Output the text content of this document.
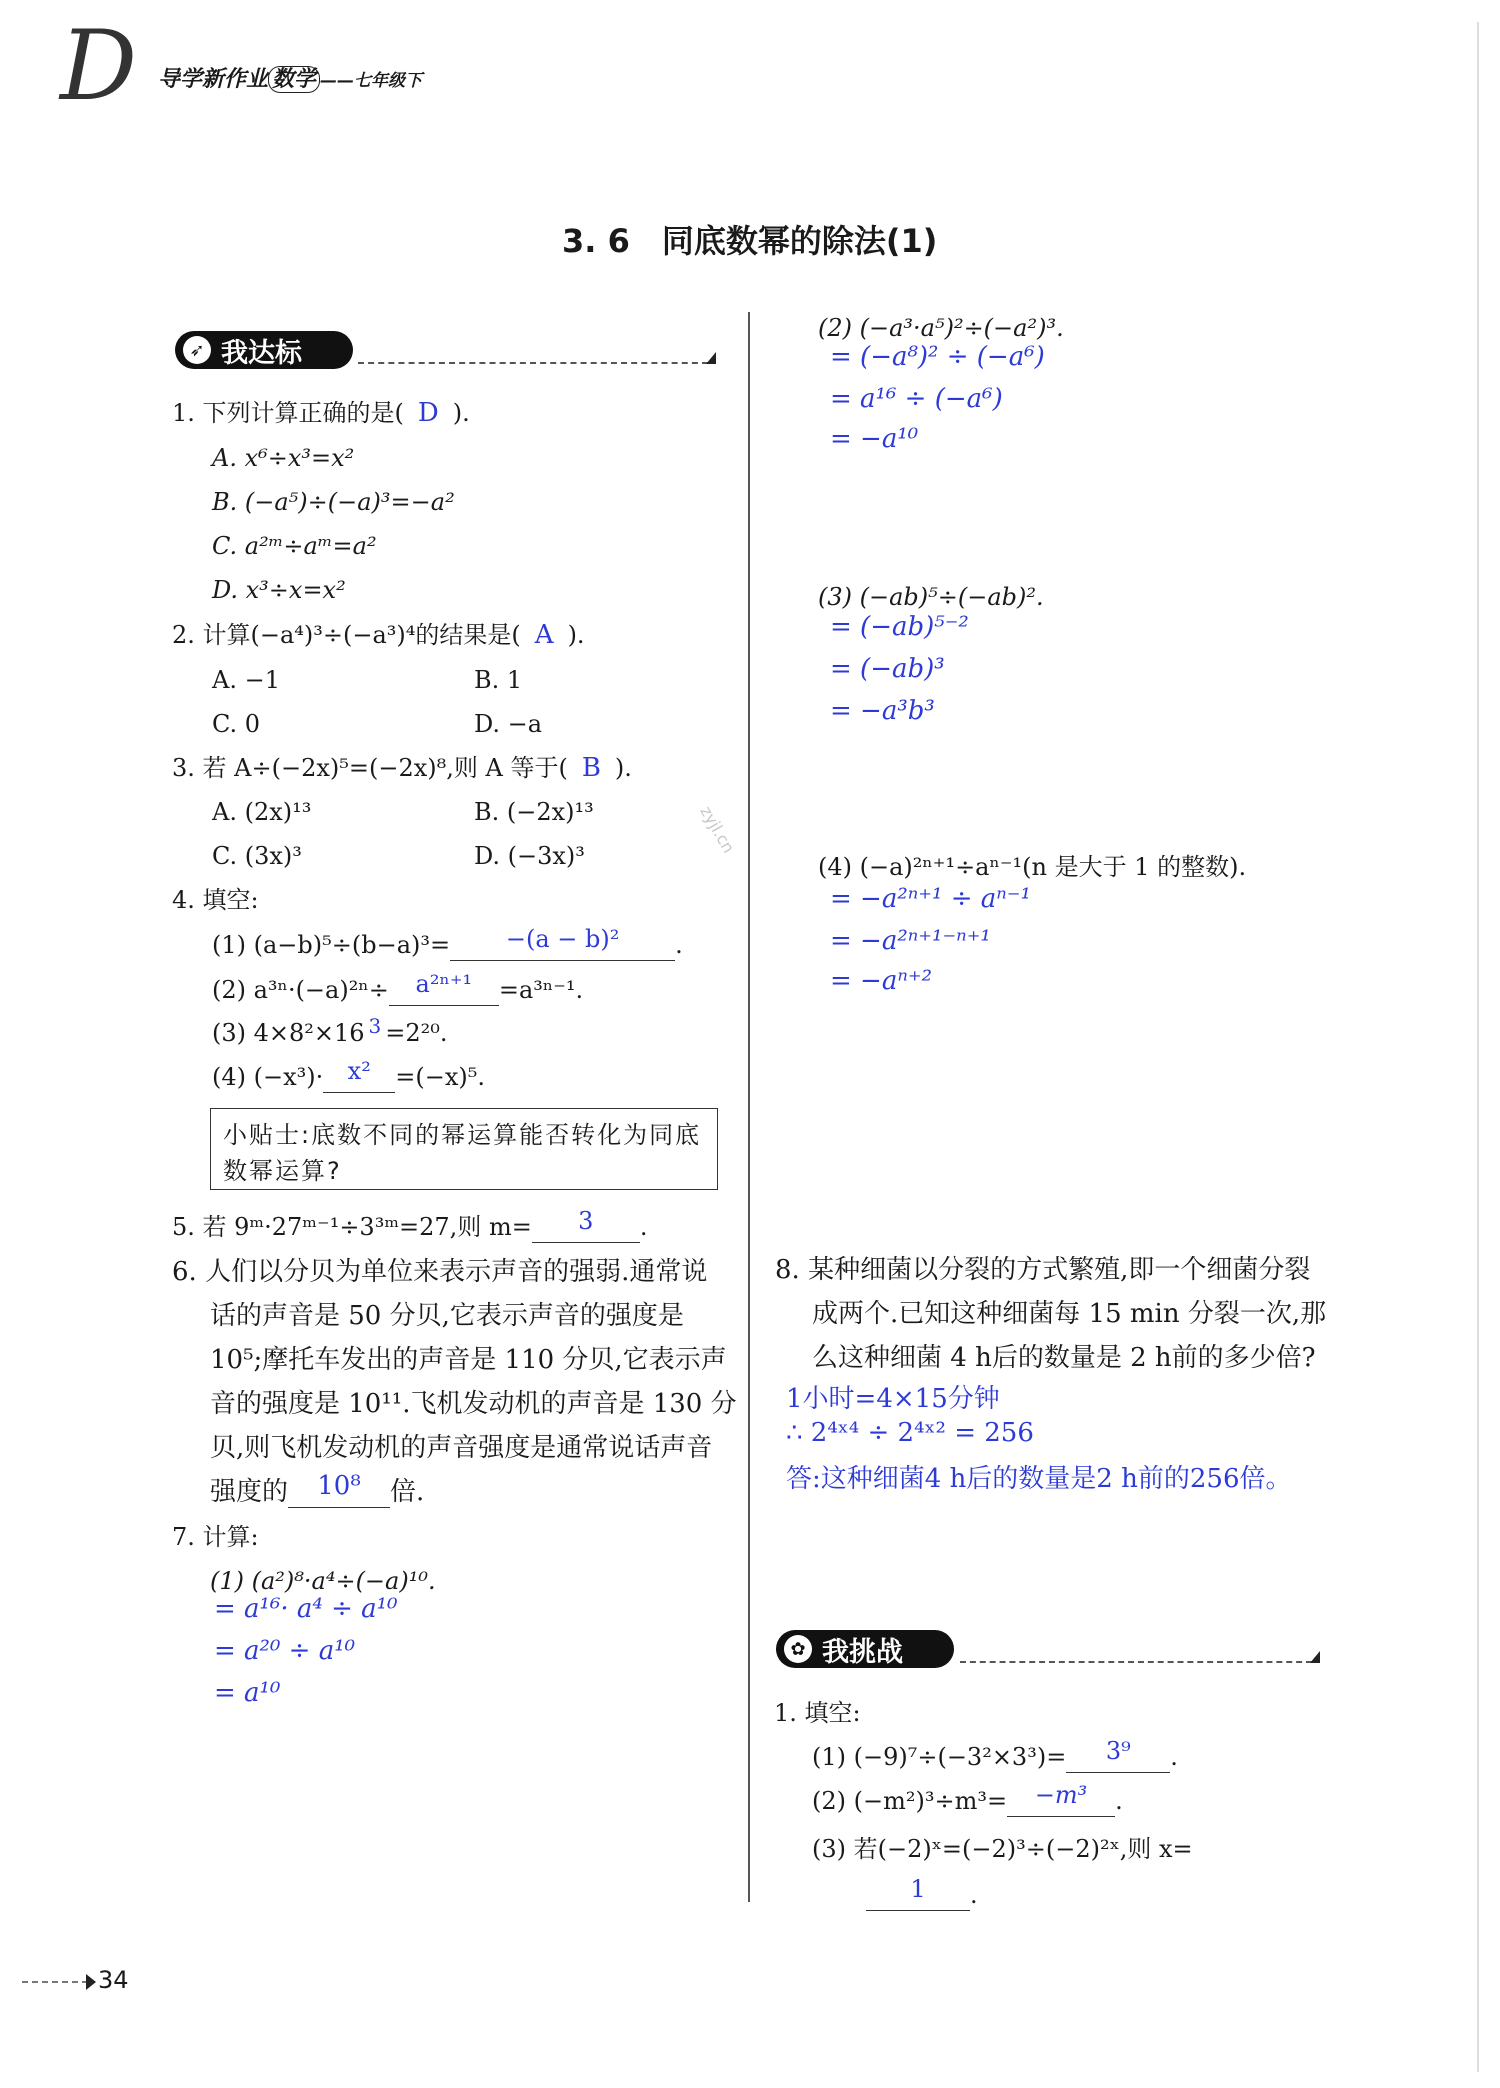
D 导学新作业 数学 ——七年级下
3. 6　同底数幂的除法(1)
➶ 我达标
1. 下列计算正确的是( D ).
A. x⁶÷x³=x²
B. (−a⁵)÷(−a)³=−a²
C. a²ᵐ÷aᵐ=a²
D. x³÷x=x²
2. 计算(−a⁴)³÷(−a³)⁴的结果是( A ).
A. −1	B. 1
C. 0	D. −a
3. 若 A÷(−2x)⁵=(−2x)⁸,则 A 等于( B ).
A. (2x)¹³	B. (−2x)¹³
C. (3x)³	D. (−3x)³
4. 填空:
(1) (a−b)⁵÷(b−a)³= −(a − b)² .
(2) a³ⁿ·(−a)²ⁿ÷ a²ⁿ⁺¹ =a³ⁿ⁻¹.
(3) 4×8²×16 $^3$ =2²⁰.
(4) (−x³)· x² =(−x)⁵.
小贴士:底数不同的幂运算能否转化为同底数幂运算?
5. 若 9ᵐ·27ᵐ⁻¹÷3³ᵐ=27,则 m= 3 .
6. 人们以分贝为单位来表示声音的强弱.通常说
话的声音是 50 分贝,它表示声音的强度是
10⁵;摩托车发出的声音是 110 分贝,它表示声
音的强度是 10¹¹.飞机发动机的声音是 130 分
贝,则飞机发动机的声音强度是通常说话声音
强度的 10⁸ 倍.
7. 计算:
(1) (a²)⁸·a⁴÷(−a)¹⁰.
= a¹⁶· a⁴ ÷ a¹⁰
= a²⁰ ÷ a¹⁰
= a¹⁰
zyjl.cn
(2) (−a³·a⁵)²÷(−a²)³.
= (−a⁸)² ÷ (−a⁶)
= a¹⁶ ÷ (−a⁶)
= −a¹⁰
(3) (−ab)⁵÷(−ab)².
= (−ab)⁵⁻²
= (−ab)³
= −a³b³
(4) (−a)²ⁿ⁺¹÷aⁿ⁻¹(n 是大于 1 的整数).
= −a²ⁿ⁺¹ ÷ aⁿ⁻¹
= −a²ⁿ⁺¹⁻ⁿ⁺¹
= −aⁿ⁺²
8. 某种细菌以分裂的方式繁殖,即一个细菌分裂
成两个.已知这种细菌每 15 min 分裂一次,那
么这种细菌 4 h后的数量是 2 h前的多少倍?
1小时=4×15分钟
∴ 2⁴ˣ⁴ ÷ 2⁴ˣ² = 256
答:这种细菌4 h后的数量是2 h前的256倍。
✿ 我挑战
1. 填空:
(1) (−9)⁷÷(−3²×3³)= 3⁹ .
(2) (−m²)³÷m³= −m³ .
(3) 若(−2)ˣ=(−2)³÷(−2)²ˣ,则 x=
1 .
34
